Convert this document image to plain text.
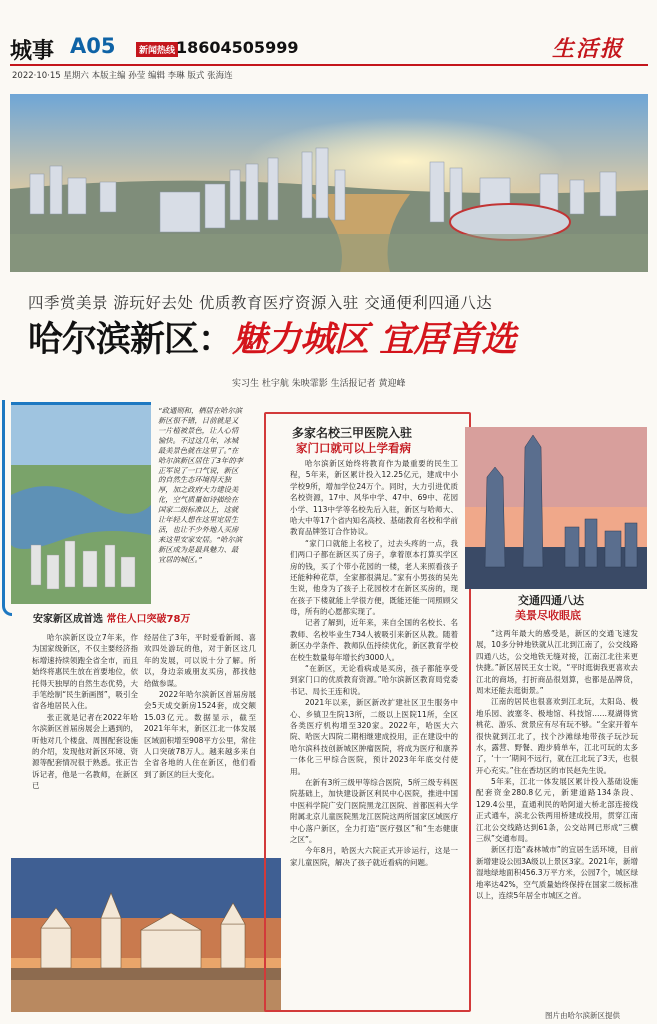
城事 A05	新闻热线 18604505999	生活报
2022·10·15 星期六 本版主编 孙莹 编辑 李琳 版式 张海连
四季赏美景 游玩好去处 优质教育医疗资源入驻 交通便利四通八达
哈尔滨新区：魅力城区 宜居首选
实习生 杜宇航 朱映霏影 生活报记者 黄迎峰
“政通则和，栖居在哈尔滨新区很不错，目前就是又一片植被景色，让人心情愉快。不过这几年，冰城最美景色就在这里了。”在哈尔滨新区居住了3年的李正军说了一口气说，新区的自然生态环境得天独厚，加之政府大力建设美化，空气质量如诗描绘在国家二级标准以上，这就让年轻人想在这里定居生活，也让不少外地人买房来这里安家安居。“哈尔滨新区成为是最具魅力、最宜居的城区。”
安家新区成首选 常住人口突破78万

哈尔滨新区设立7年来，作为国家级新区，不仅主要经济指标增速持续领跑全省全市，而且始终将惠民生放在首要地位，依托得天独厚的自然生态优势，大手笔绘制“民生新画图”，吸引全省各地居民入住。

张正就是记者在2022年哈尔滨新区首届房展会上遇到的，听他对几个楼盘、周围配套设施的介绍，发现他对新区环境、资源等配套情况很于熟悉。张正告诉记者，他是一名教师，在新区已

经居住了3年，平时爱看新闻、喜欢四处游玩的他，对于新区这几年的发展，可以说十分了解。所以，身边亲戚朋友买房，都找他给做参谋。

2022年哈尔滨新区首届房展会5天成交新房1524套，成交额15.03亿元。数据显示，截至2021年年末，新区江北一体发展区域面积增至908平方公里，常住人口突破78万人。越来越多来自全省各地的人住在新区，他们看到了新区的巨大变化。

多家名校三甲医院入驻
家门口就可以上学看病

哈尔滨新区始终将教育作为最重要的民生工程，5年来，新区累计投入12.25亿元，建成中小学校9所，增加学位24万个。同时，大力引进优质名校资源，17中、风华中学、47中、69中、花园小学、113中学等名校先后入驻，新区与哈师大、哈大中等17个省内知名高校、基础教育名校和学前教育品牌签订合作协议。

“家门口就能上名校了，过去头疼的一点，我们两口子都在新区买了房子，拿着原本打算买学区房的钱，买了个带小花园的一楼，老人来照看孩子还能种种花草，全家都很满足。”家有小男孩的吴先生说，他身为了孩子上花园校才在新区买房的，现在孩子下楼就能上学很方便，既能还能一同照顾父母，所有的心愿都实现了。

记者了解到，近年来，来自全国的名校长、名教师、名校毕业生734人被吸引来新区从教。随着新区办学条件、教师队伍持续优化，新区教育学校在校生数量每年增长约3000人。

“在新区，无论看病或是买房，孩子都能享受到家门口的优质教育资源。”哈尔滨新区教育局党委书记、局长王连和说。

2021年以来，新区新改扩建社区卫生服务中心、乡镇卫生院13所，二级以上医院11所，全区各类医疗机构增至320家。2022年，哈医大六院、哈医大四院二期相继建成投用，正在建设中的哈尔滨科技创新城区肿瘤医院，将成为医疗和康养一体化三甲综合医院，预计2023年年底交付使用。

在新有3所三级甲等综合医院，5所三级专科医院基础上，加快建设新区利民中心医院，推进中国中医科学院广安门医院黑龙江医院、首都医科大学附属北京儿童医院黑龙江医院这两所国家区域医疗中心落户新区，全力打造“医疗强区”和“生态健康之区”。

今年8月，哈医大六院正式开诊运行，这是一家儿童医院，解决了孩子就近看病的问题。

交通四通八达
美景尽收眼底

“这两年最大的感受是，新区的交通飞速发展，10多分钟地铁就从江北到江南了，公交线路四通八达，公交地铁无缝对接，江南江北往来更快捷。”新区居民王女士说，“平时逛街我更喜欢去江北的商场，打折商品很划算，也都是品牌货，周末还能去逛街景。”

江南的居民也很喜欢到江北玩，太阳岛、极地乐园、波塞冬、极地馆、科技馆……观湖得赏桃花、游乐、赏景应有尽有玩不够。“全家开着车很快就到江北了，找个沙滩绿地带孩子玩沙玩水，露营、野餐、跑步骑单车，江北可玩的太多了，‘十一’期间不远行，就在江北玩了3天，也很开心充实。”住在香坊区的市民赵先生说。

5年来，江北一体发展区累计投入基础设施配套资金280.8亿元，新建道路134条段、129.4公里，直通利民的哈阿道大桥北部连接线正式通车，滨北公铁两用桥建成投用，贯穿江南江北公交线路达到61条，公交站网已形成“三横三纵”交通布局。

新区打造“森林城市”的宜居生活环境，目前新增建设公园3A级以上景区3家。2021年，新增湿地绿地面积456.3万平方米，公园7个，城区绿地率达42%，空气质量始终保持在国家二级标准以上，连续5年居全市城区之首。

图片由哈尔滨新区提供
